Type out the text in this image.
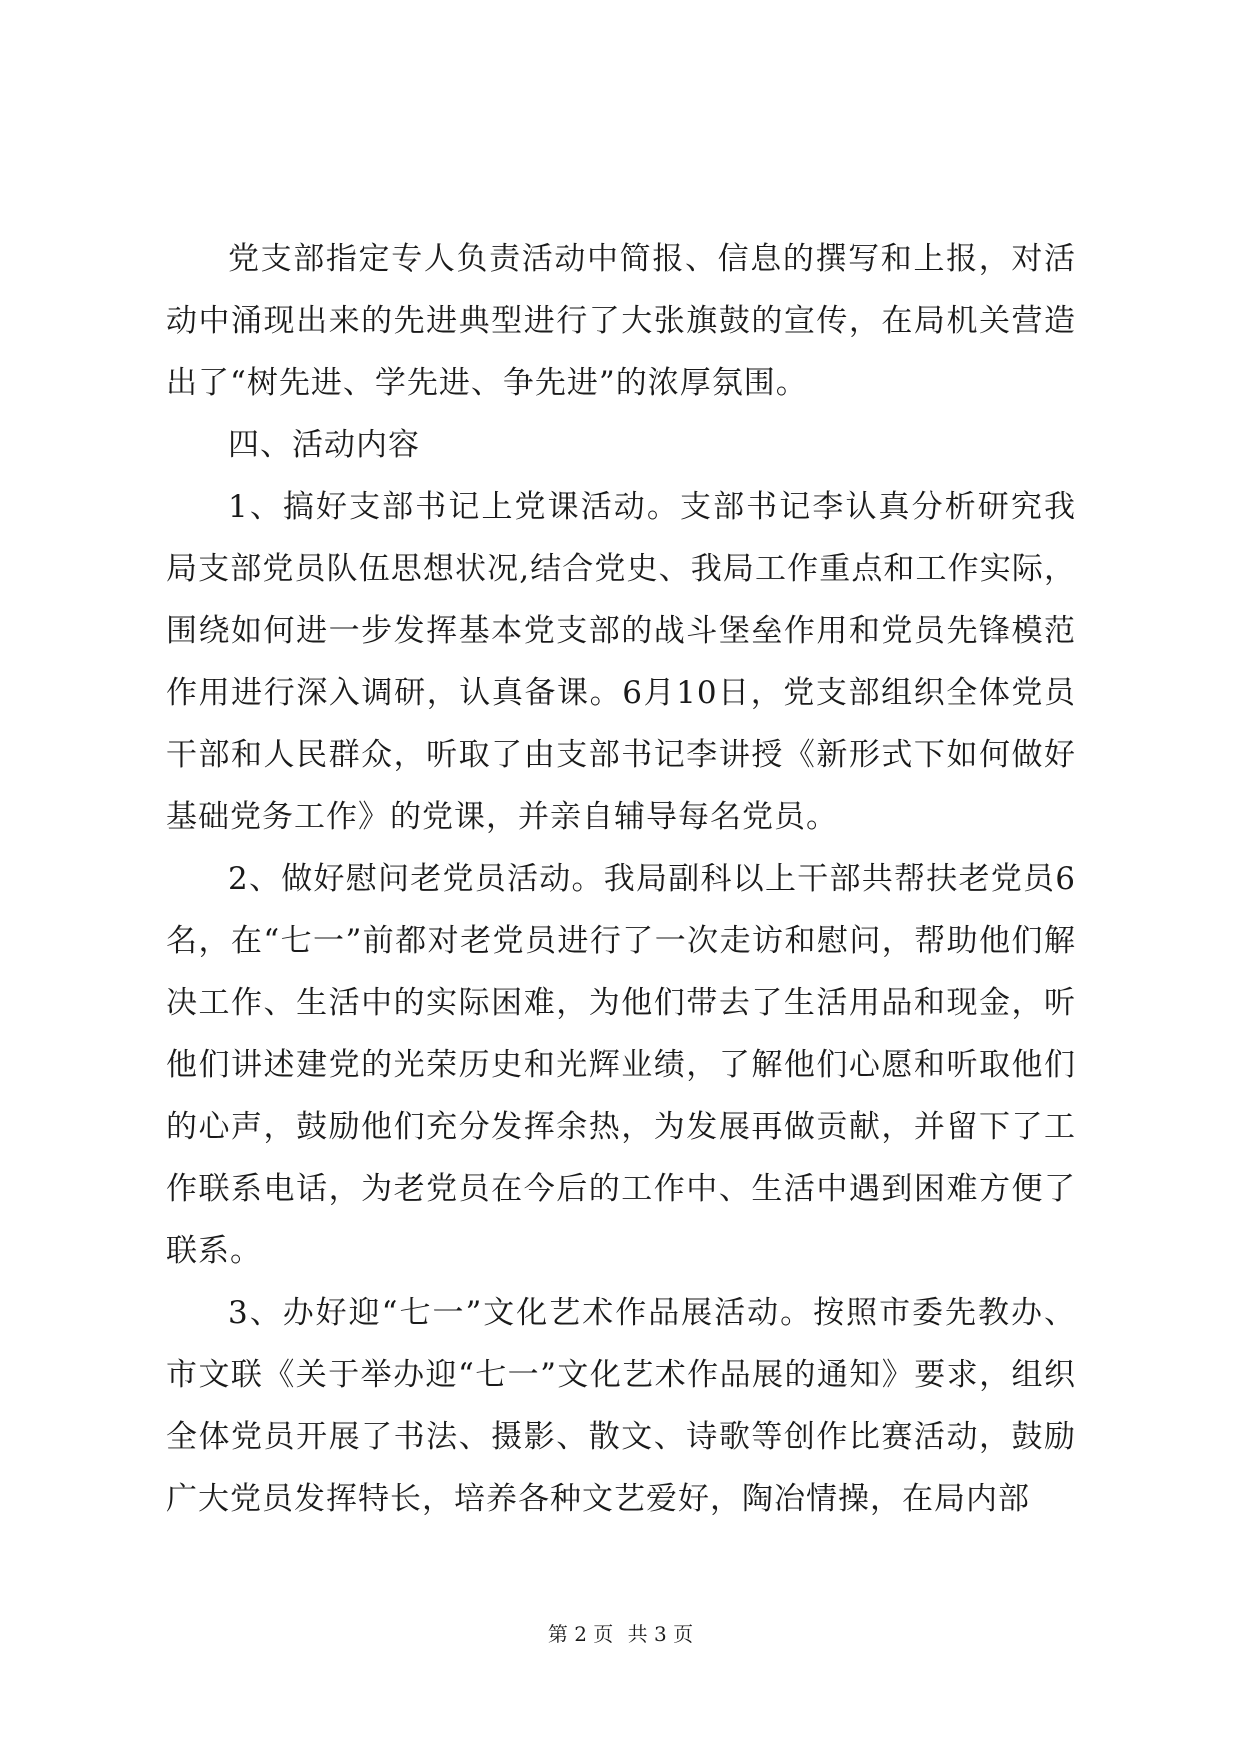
党支部指定专人负责活动中简报、信息的撰写和上报，对活动中涌现出来的先进典型进行了大张旗鼓的宣传，在局机关营造出了“树先进、学先进、争先进”的浓厚氛围。

四、活动内容

1、搞好支部书记上党课活动。支部书记李认真分析研究我局支部党员队伍思想状况,结合党史、我局工作重点和工作实际，围绕如何进一步发挥基本党支部的战斗堡垒作用和党员先锋模范作用进行深入调研，认真备课。6月10日，党支部组织全体党员干部和人民群众，听取了由支部书记李讲授《新形式下如何做好基础党务工作》的党课，并亲自辅导每名党员。

2、做好慰问老党员活动。我局副科以上干部共帮扶老党员6名，在“七一”前都对老党员进行了一次走访和慰问，帮助他们解决工作、生活中的实际困难，为他们带去了生活用品和现金，听他们讲述建党的光荣历史和光辉业绩，了解他们心愿和听取他们的心声，鼓励他们充分发挥余热，为发展再做贡献，并留下了工作联系电话，为老党员在今后的工作中、生活中遇到困难方便了联系。

3、办好迎“七一”文化艺术作品展活动。按照市委先教办、市文联《关于举办迎“七一”文化艺术作品展的通知》要求，组织全体党员开展了书法、摄影、散文、诗歌等创作比赛活动，鼓励广大党员发挥特长，培养各种文艺爱好，陶冶情操，在局内部

第 2 页 共 3 页
